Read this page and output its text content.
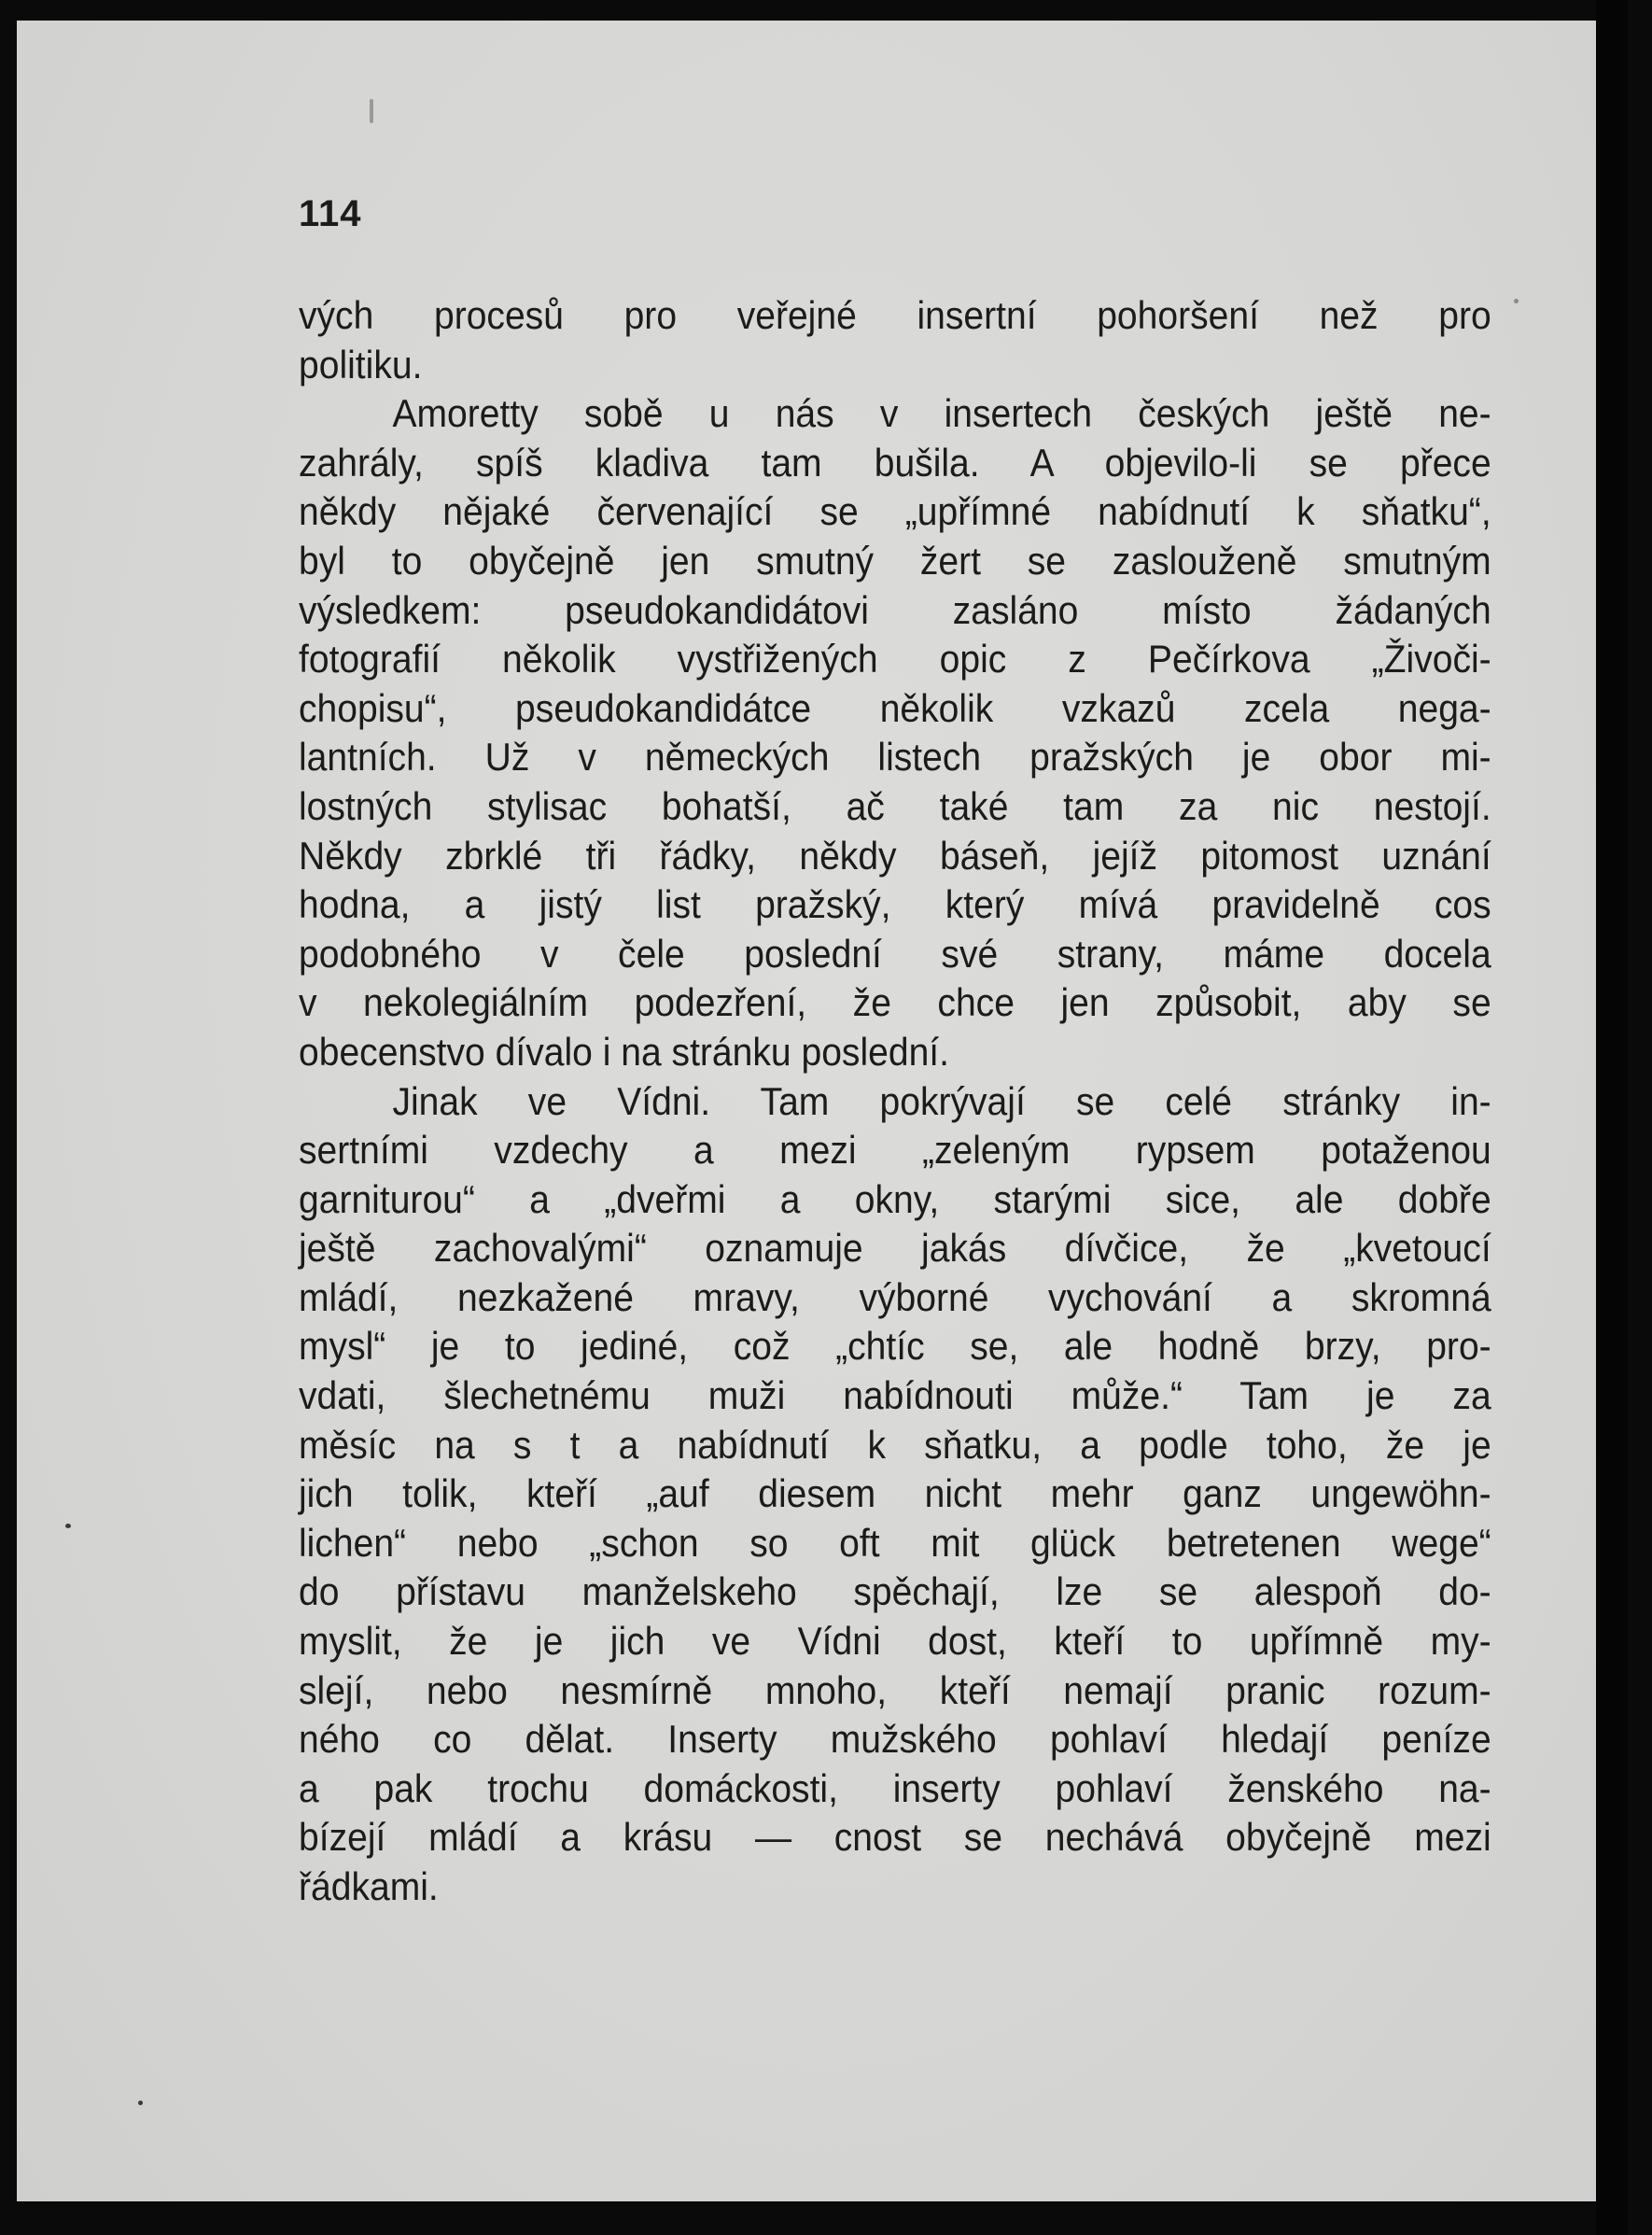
114
vých procesů pro veřejné insertní pohoršení než pro
politiku.
Amoretty sobě u nás v insertech českých ještě ne-
zahrály, spíš kladiva tam bušila. A objevilo-li se přece
někdy nějaké červenající se „upřímné nabídnutí k sňatku“,
byl to obyčejně jen smutný žert se zaslouženě smutným
výsledkem: pseudokandidátovi zasláno místo žádaných
fotografií několik vystřižených opic z Pečírkova „Živoči-
chopisu“, pseudokandidátce několik vzkazů zcela nega-
lantních. Už v německých listech pražských je obor mi-
lostných stylisac bohatší, ač také tam za nic nestojí.
Někdy zbrklé tři řádky, někdy báseň, jejíž pitomost uznání
hodna, a jistý list pražský, který mívá pravidelně cos
podobného v čele poslední své strany, máme docela
v nekolegiálním podezření, že chce jen způsobit, aby se
obecenstvo dívalo i na stránku poslední.
Jinak ve Vídni. Tam pokrývají se celé stránky in-
sertními vzdechy a mezi „zeleným rypsem potaženou
garniturou“ a „dveřmi a okny, starými sice, ale dobře
ještě zachovalými“ oznamuje jakás dívčice, že „kvetoucí
mládí, nezkažené mravy, výborné vychování a skromná
mysl“ je to jediné, což „chtíc se, ale hodně brzy, pro-
vdati, šlechetnému muži nabídnouti může.“ Tam je za
měsíc na s t a nabídnutí k sňatku, a podle toho, že je
jich tolik, kteří „auf diesem nicht mehr ganz ungewöhn-
lichen“ nebo „schon so oft mit glück betretenen wege“
do přístavu manželskeho spěchají, lze se alespoň do-
myslit, že je jich ve Vídni dost, kteří to upřímně my-
slejí, nebo nesmírně mnoho, kteří nemají pranic rozum-
ného co dělat. Inserty mužského pohlaví hledají peníze
a pak trochu domáckosti, inserty pohlaví ženského na-
bízejí mládí a krásu — cnost se nechává obyčejně mezi
řádkami.
